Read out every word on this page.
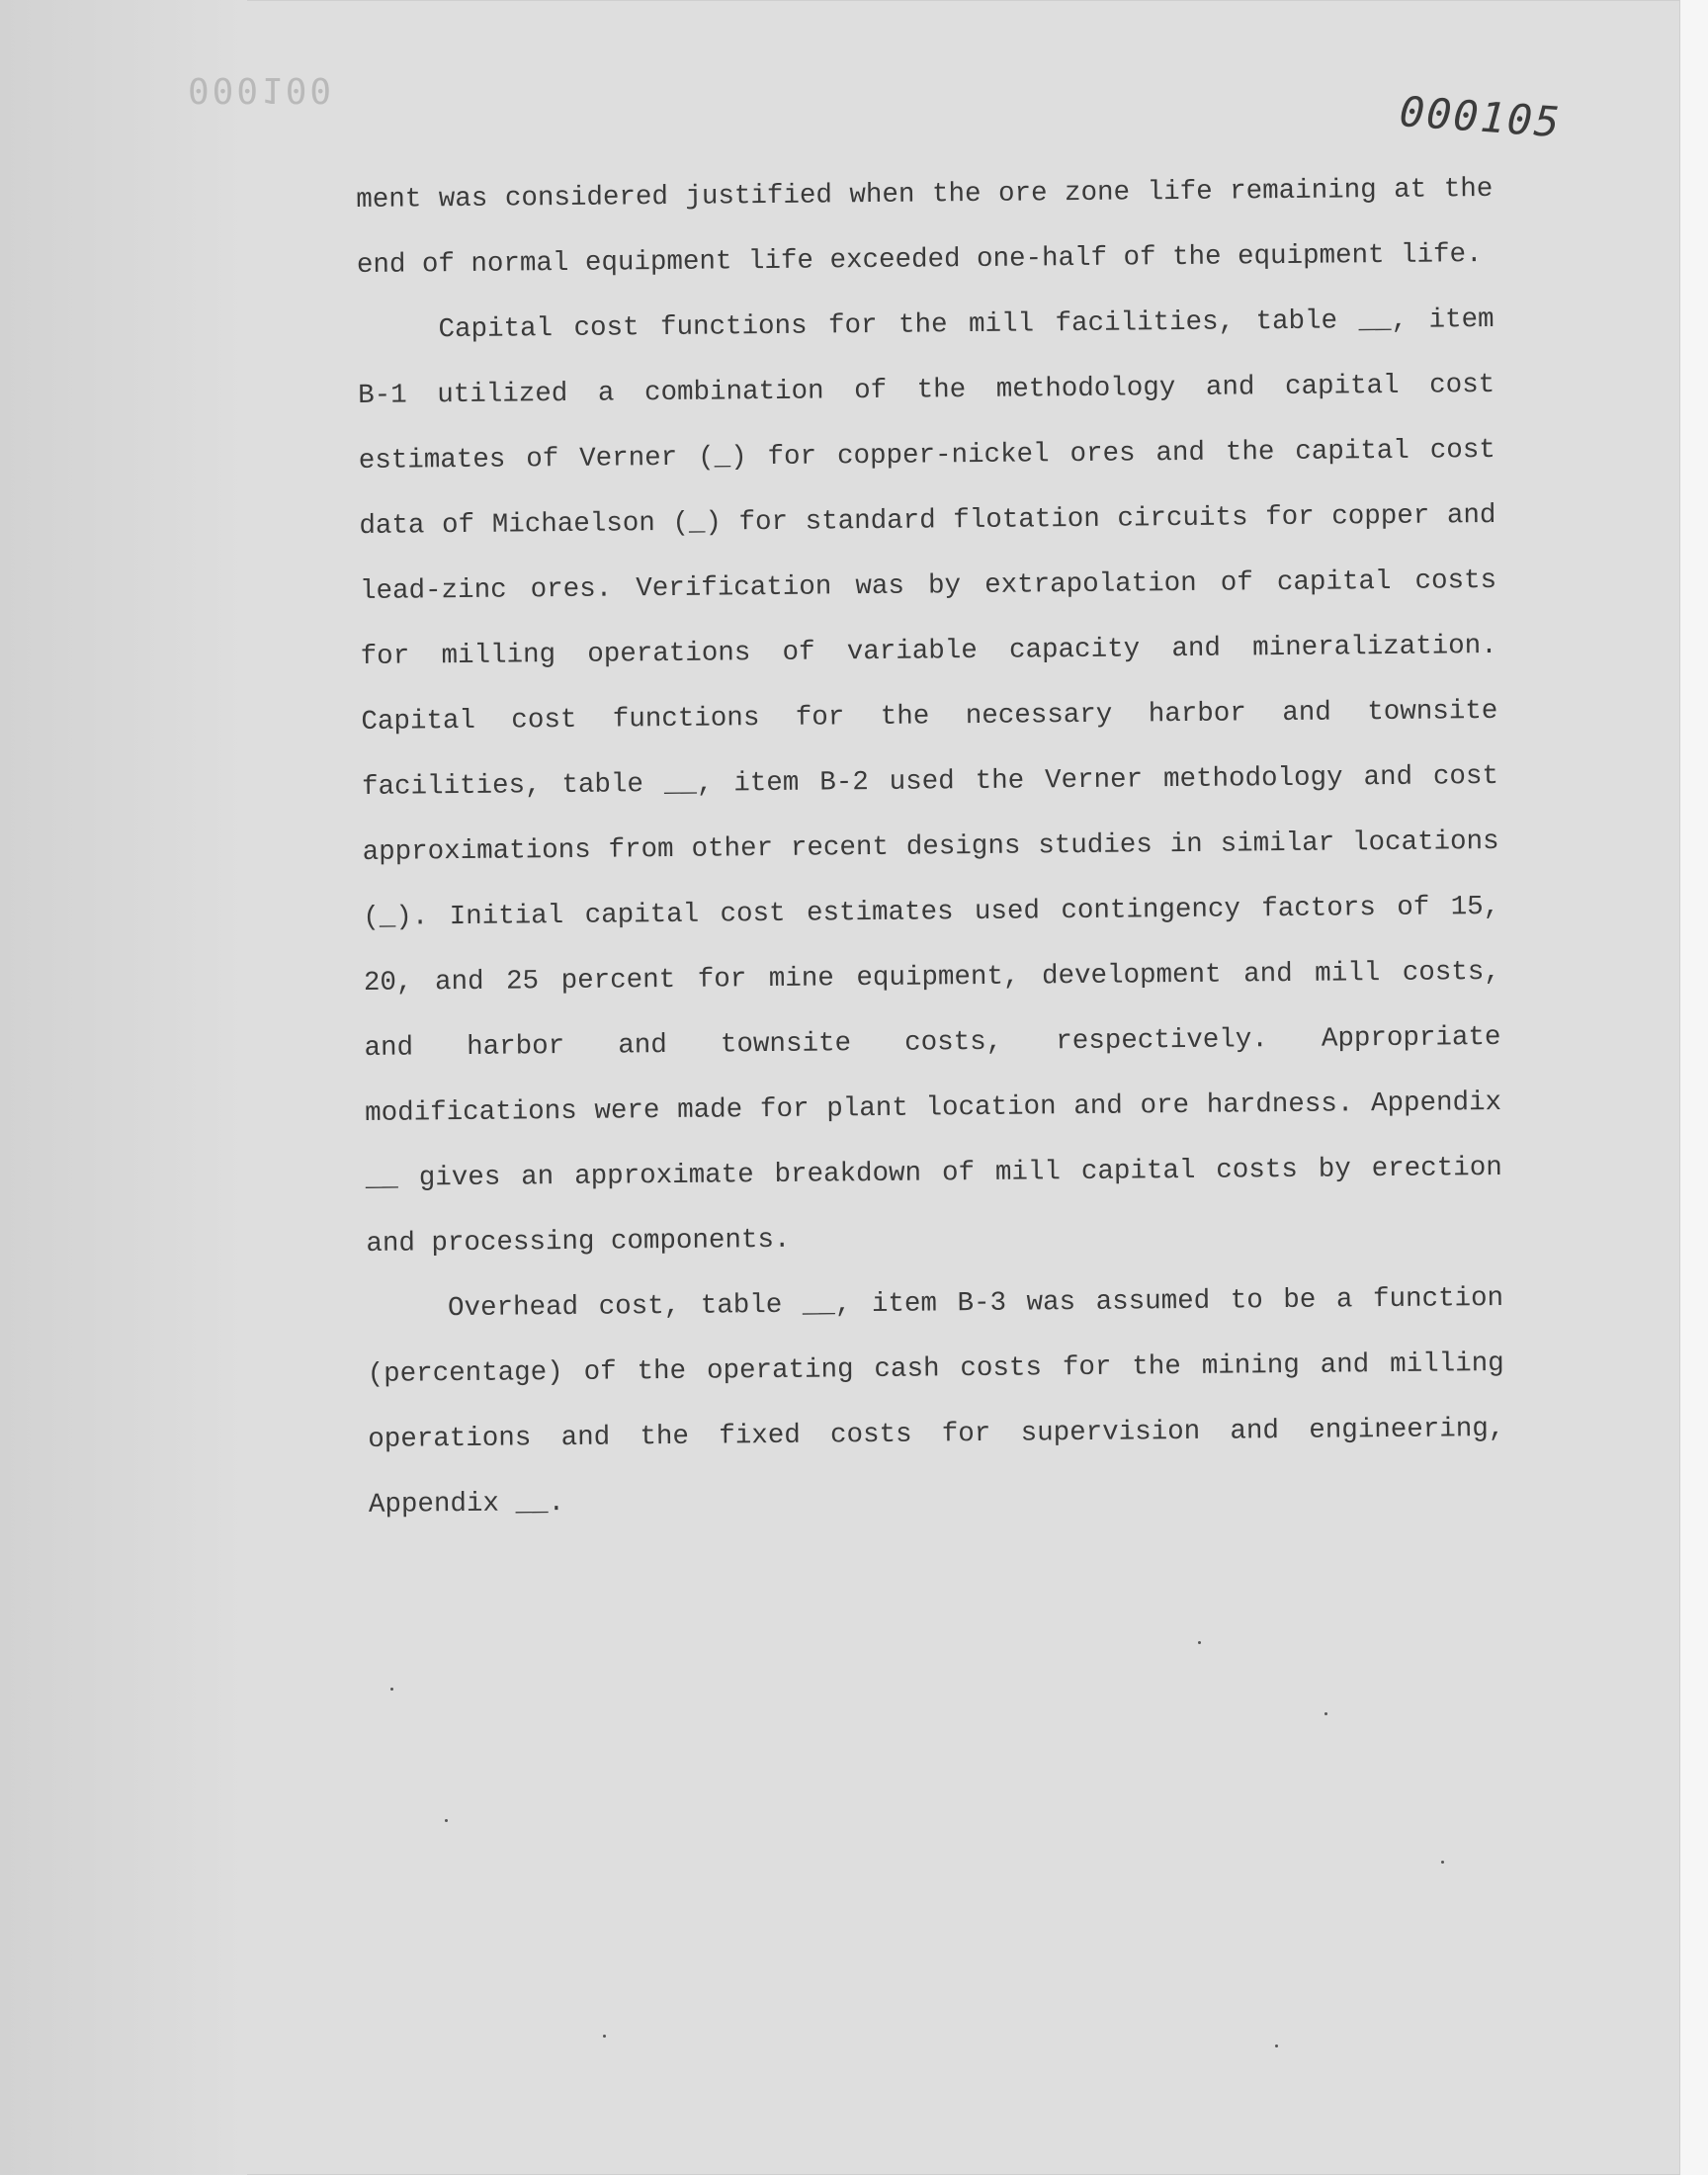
000100	000105

ment was considered justified when the ore zone life remaining at the end of normal equipment life exceeded one-half of the equipment life.

Capital cost functions for the mill facilities, table __, item B-1 utilized a combination of the methodology and capital cost estimates of Verner (_) for copper-nickel ores and the capital cost data of Michaelson (_) for standard flotation circuits for copper and lead-zinc ores. Verification was by extrapolation of capital costs for milling operations of variable capacity and mineralization. Capital cost functions for the necessary harbor and townsite facilities, table __, item B-2 used the Verner methodology and cost approximations from other recent designs studies in similar locations (_). Initial capital cost estimates used contingency factors of 15, 20, and 25 percent for mine equipment, development and mill costs, and harbor and townsite costs, respectively. Appropriate modifications were made for plant location and ore hardness. Appendix __ gives an approximate breakdown of mill capital costs by erection and processing components.

Overhead cost, table __, item B-3 was assumed to be a function (percentage) of the operating cash costs for the mining and milling operations and the fixed costs for supervision and engineering, Appendix __.
